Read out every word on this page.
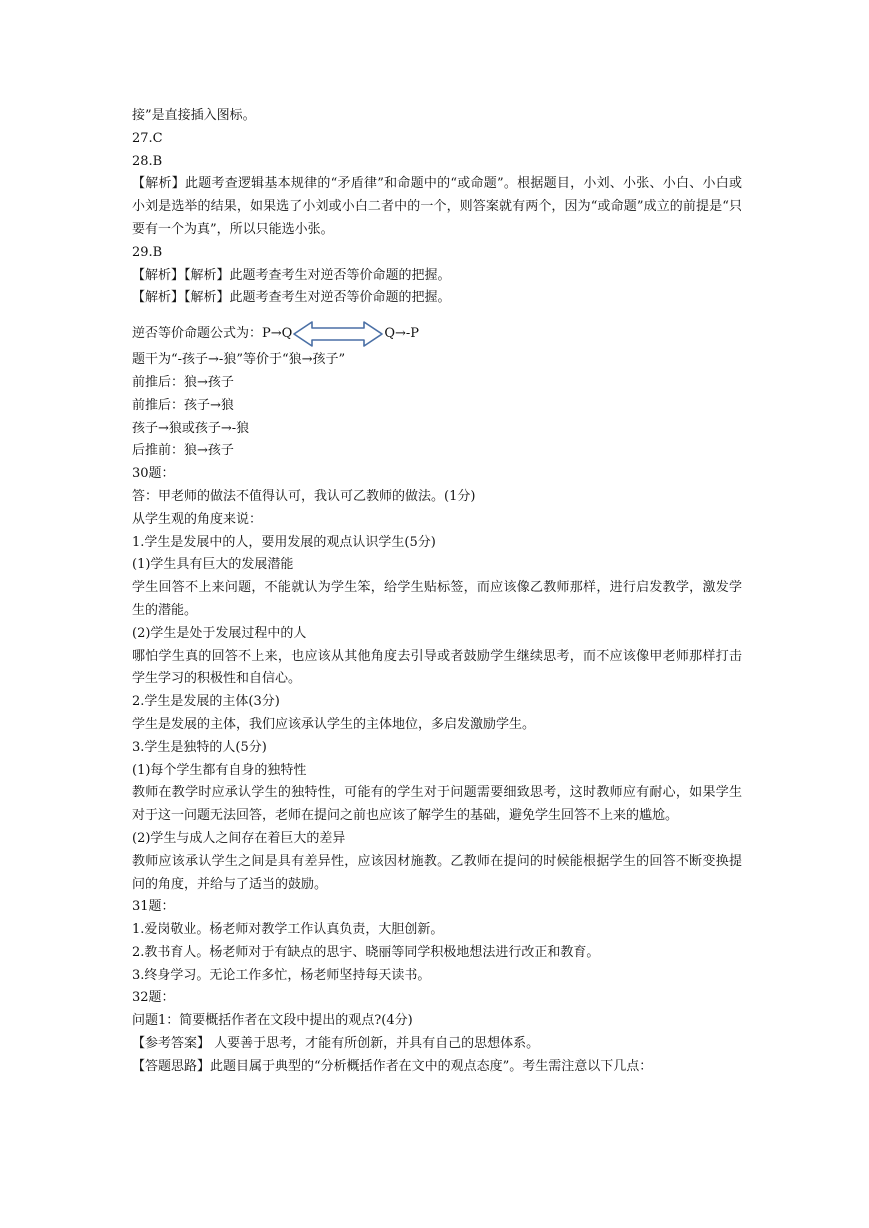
接”是直接插入图标。

27.C

28.B

【解析】此题考查逻辑基本规律的“矛盾律”和命题中的“或命题”。根据题目，小刘、小张、小白、小白或小刘是选举的结果，如果选了小刘或小白二者中的一个，则答案就有两个，因为“或命题”成立的前提是“只要有一个为真”，所以只能选小张。

29.B

【解析】【解析】此题考查考生对逆否等价命题的把握。

【解析】【解析】此题考查考生对逆否等价命题的把握。

逆否等价命题公式为：P→Q	Q→-P

题干为“-孩子→-狼”等价于“狼→孩子”

前推后：狼→孩子

前推后：孩子→狼

孩子→狼或孩子→-狼

后推前：狼→孩子

30题：

答：甲老师的做法不值得认可，我认可乙教师的做法。(1分)

从学生观的角度来说：

1.学生是发展中的人，要用发展的观点认识学生(5分)

(1)学生具有巨大的发展潜能

学生回答不上来问题，不能就认为学生笨，给学生贴标签，而应该像乙教师那样，进行启发教学，激发学生的潜能。

(2)学生是处于发展过程中的人

哪怕学生真的回答不上来，也应该从其他角度去引导或者鼓励学生继续思考，而不应该像甲老师那样打击学生学习的积极性和自信心。

2.学生是发展的主体(3分)

学生是发展的主体，我们应该承认学生的主体地位，多启发激励学生。

3.学生是独特的人(5分)

(1)每个学生都有自身的独特性

教师在教学时应承认学生的独特性，可能有的学生对于问题需要细致思考，这时教师应有耐心，如果学生对于这一问题无法回答，老师在提问之前也应该了解学生的基础，避免学生回答不上来的尴尬。

(2)学生与成人之间存在着巨大的差异

教师应该承认学生之间是具有差异性，应该因材施教。乙教师在提问的时候能根据学生的回答不断变换提问的角度，并给与了适当的鼓励。

31题：

1.爱岗敬业。杨老师对教学工作认真负责，大胆创新。

2.教书育人。杨老师对于有缺点的思宇、晓丽等同学积极地想法进行改正和教育。

3.终身学习。无论工作多忙，杨老师坚持每天读书。

32题：

问题1：简要概括作者在文段中提出的观点?(4分)

【参考答案】 人要善于思考，才能有所创新，并具有自己的思想体系。

【答题思路】此题目属于典型的“分析概括作者在文中的观点态度”。考生需注意以下几点：
